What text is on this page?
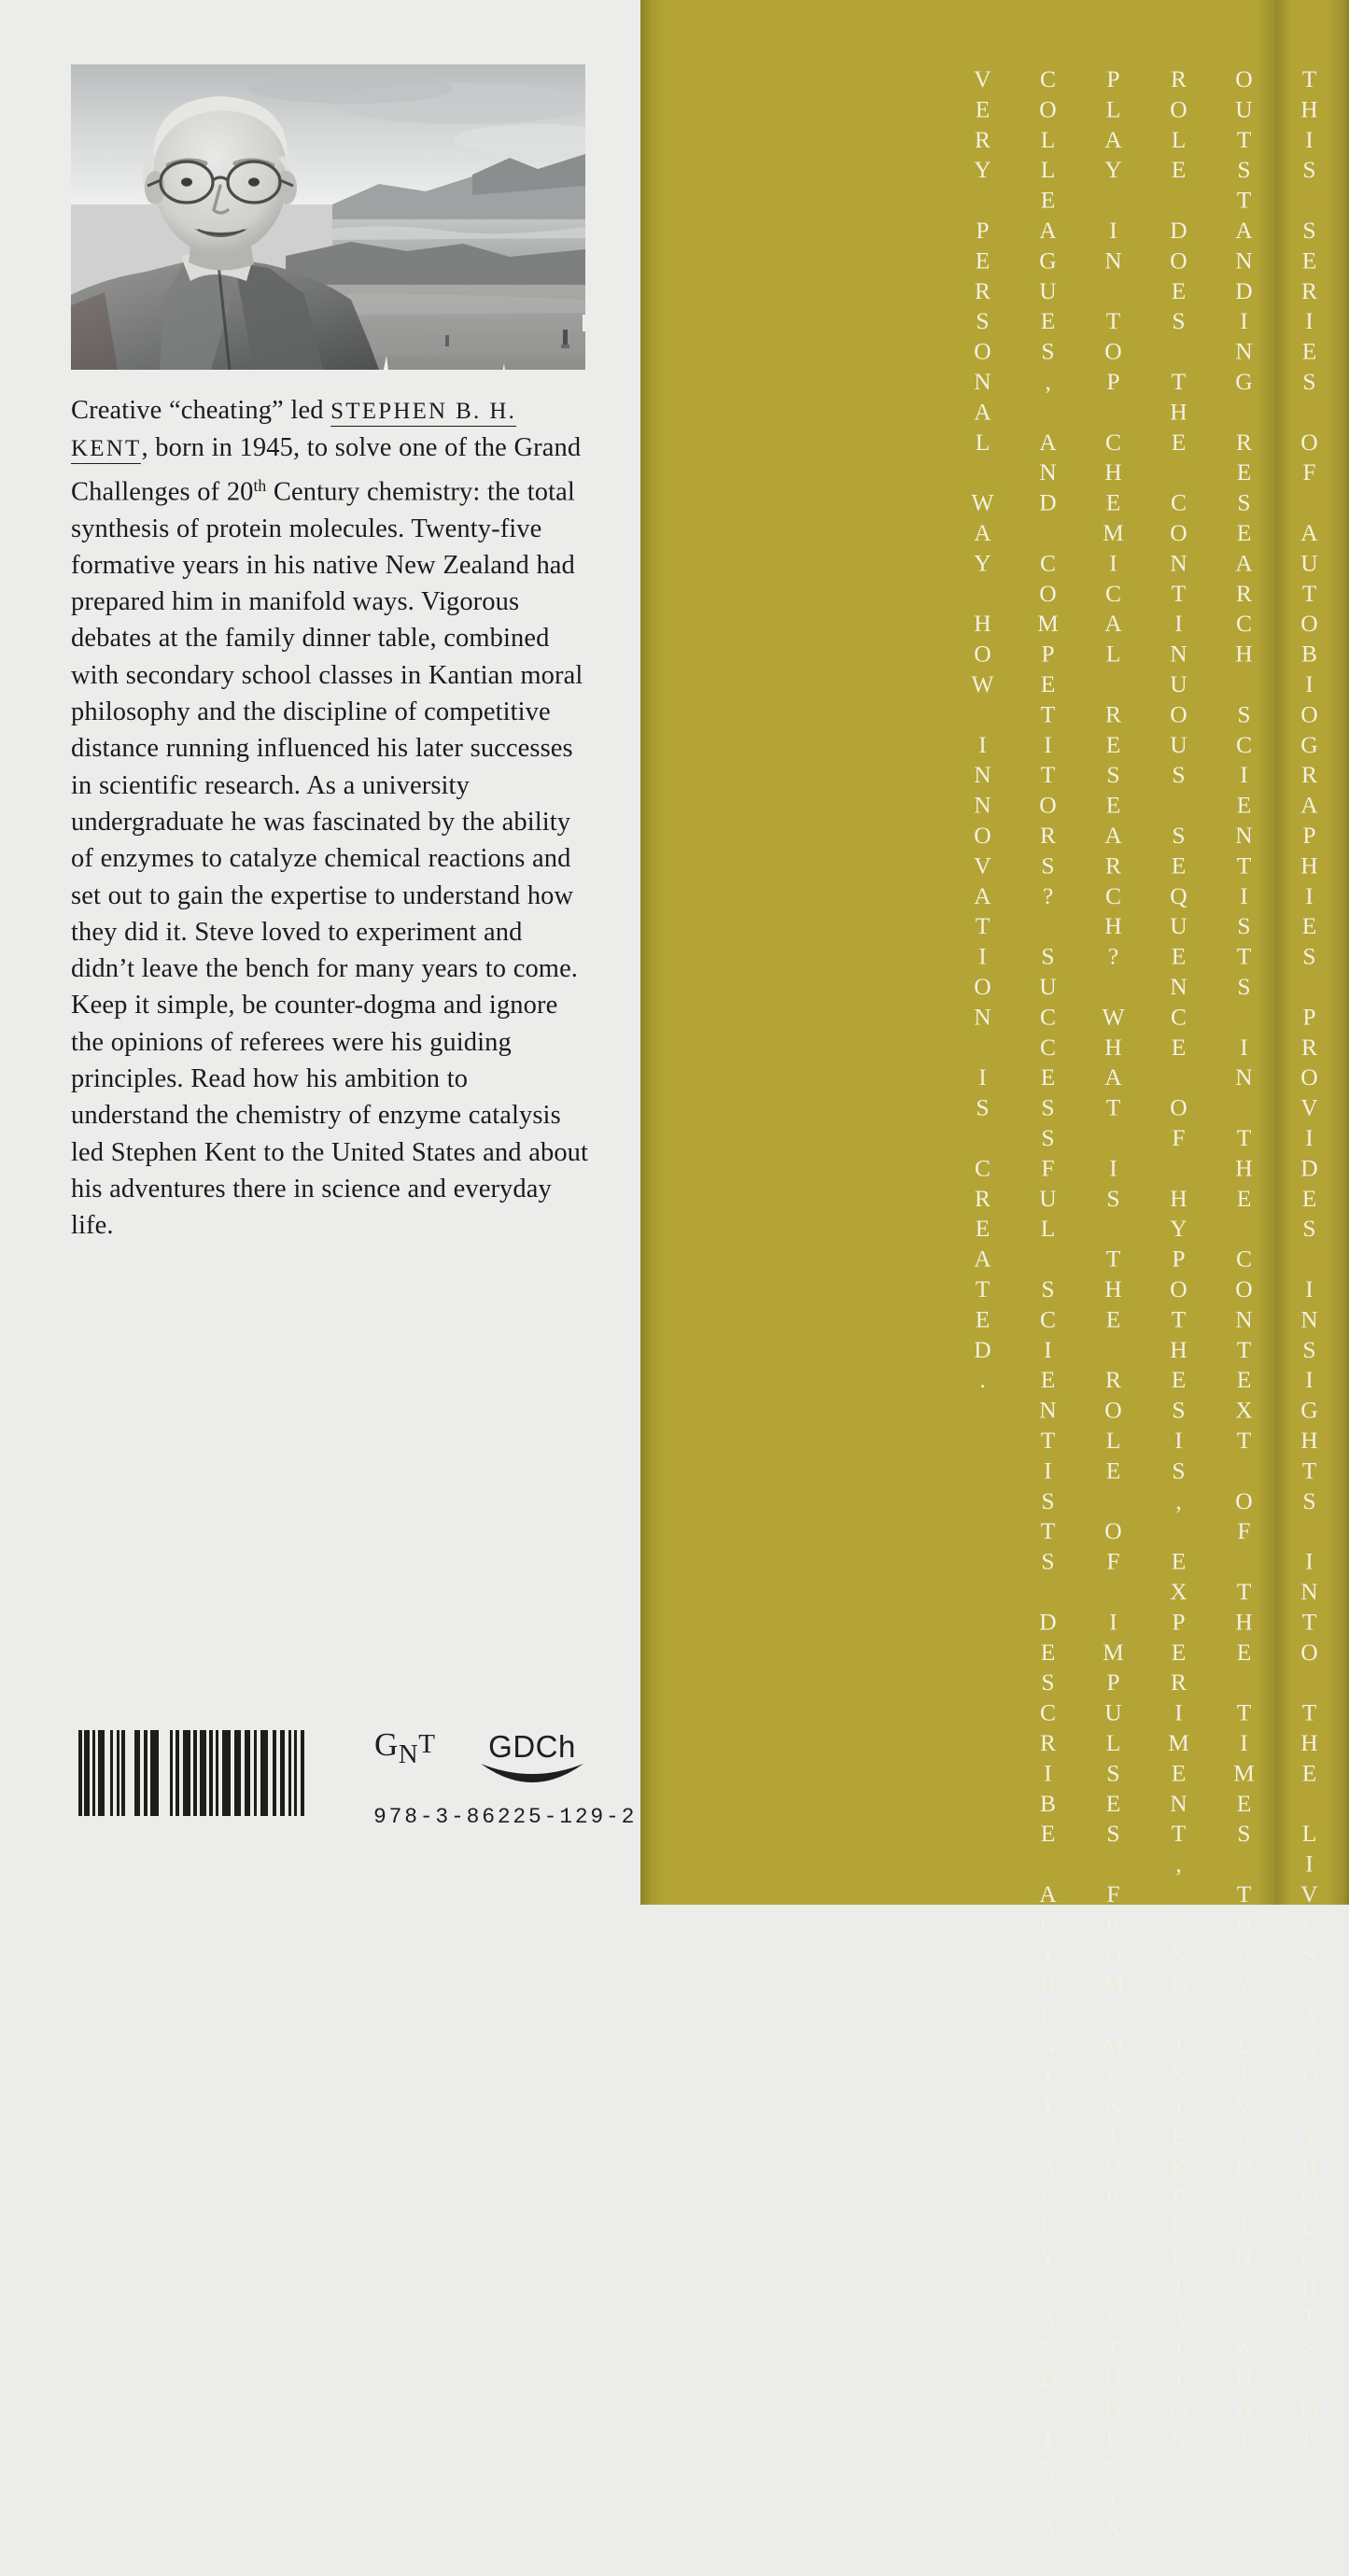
Creative “cheating” led STEPHEN B. H. KENT, born in 1945, to solve one of the Grand Challenges of 20th Century chemistry: the total synthesis of protein molecules. Twenty-five formative years in his native New Zealand had prepared him in manifold ways. Vigorous debates at the family dinner table, combined with secondary school classes in Kantian moral philosophy and the discipline of competitive distance running influenced his later successes in scientific research. As a university undergraduate he was fascinated by the ability of enzymes to catalyze chemical reactions and set out to gain the expertise to understand how they did it. Steve loved to experiment and didn’t leave the bench for many years to come. Keep it simple, be counter-dogma and ignore the opinions of referees were his guiding principles. Read how his ambition to understand the chemistry of enzyme catalysis led Stephen Kent to the United States and about his adventures there in science and everyday life.
$G_NT$	GDCh
978-3-86225-129-2	THIS SERIES OF AUTOBIOGRAPHIES PROVIDES INSIGHTS INTO THE LIVES AND THOUGHTS OF
OUTSTANDING RESEARCH SCIENTISTS IN THE CONTEXT OF THE TIMES THEY LIVED IN. WHAT
ROLE DOES THE CONTINUOUS SEQUENCE OF HYPOTHESIS, EXPERIMENT, AND INTERPRETATION
PLAY IN TOP CHEMICAL RESEARCH? WHAT IS THE ROLE OF IMPULSES FROM MENTORS, STUDENTS,
COLLEAGUES, AND COMPETITORS? SUCCESSFUL SCIENTISTS DESCRIBE AUTHENTICALLY AND IN A
VERY PERSONAL WAY HOW INNOVATION IS CREATED.
